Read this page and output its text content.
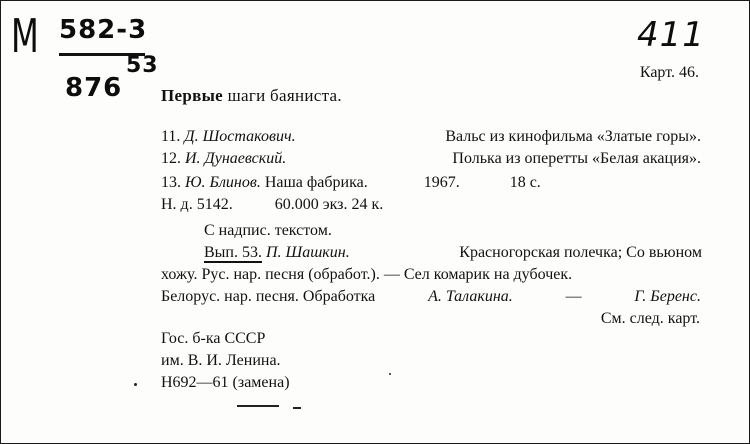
M 582-3
876
53
411
Карт. 46.
Первые шаги баяниста.
11. Д. Шостакович.	Вальс из кинофильма «Златые горы».
12. И. Дунаевский.	Полька из оперетты «Белая акация».
13. Ю. Блинов. Наша фабрика.	1967.	18 с.
Н. д. 5142.	60.000 экз. 24 к.
С надпис. текстом.
Вып. 53. П. Шашкин.	Красногорская полечка; Со вьюном
хожу. Рус. нар. песня (обработ.). — Сел комарик на дубочек.
Белорус. нар. песня. Обработка	А. Талакина.	—	Г. Беренс.
См. след. карт.
Гос. б-ка СССР
им. В. И. Ленина.
Н692—61 (замена)
